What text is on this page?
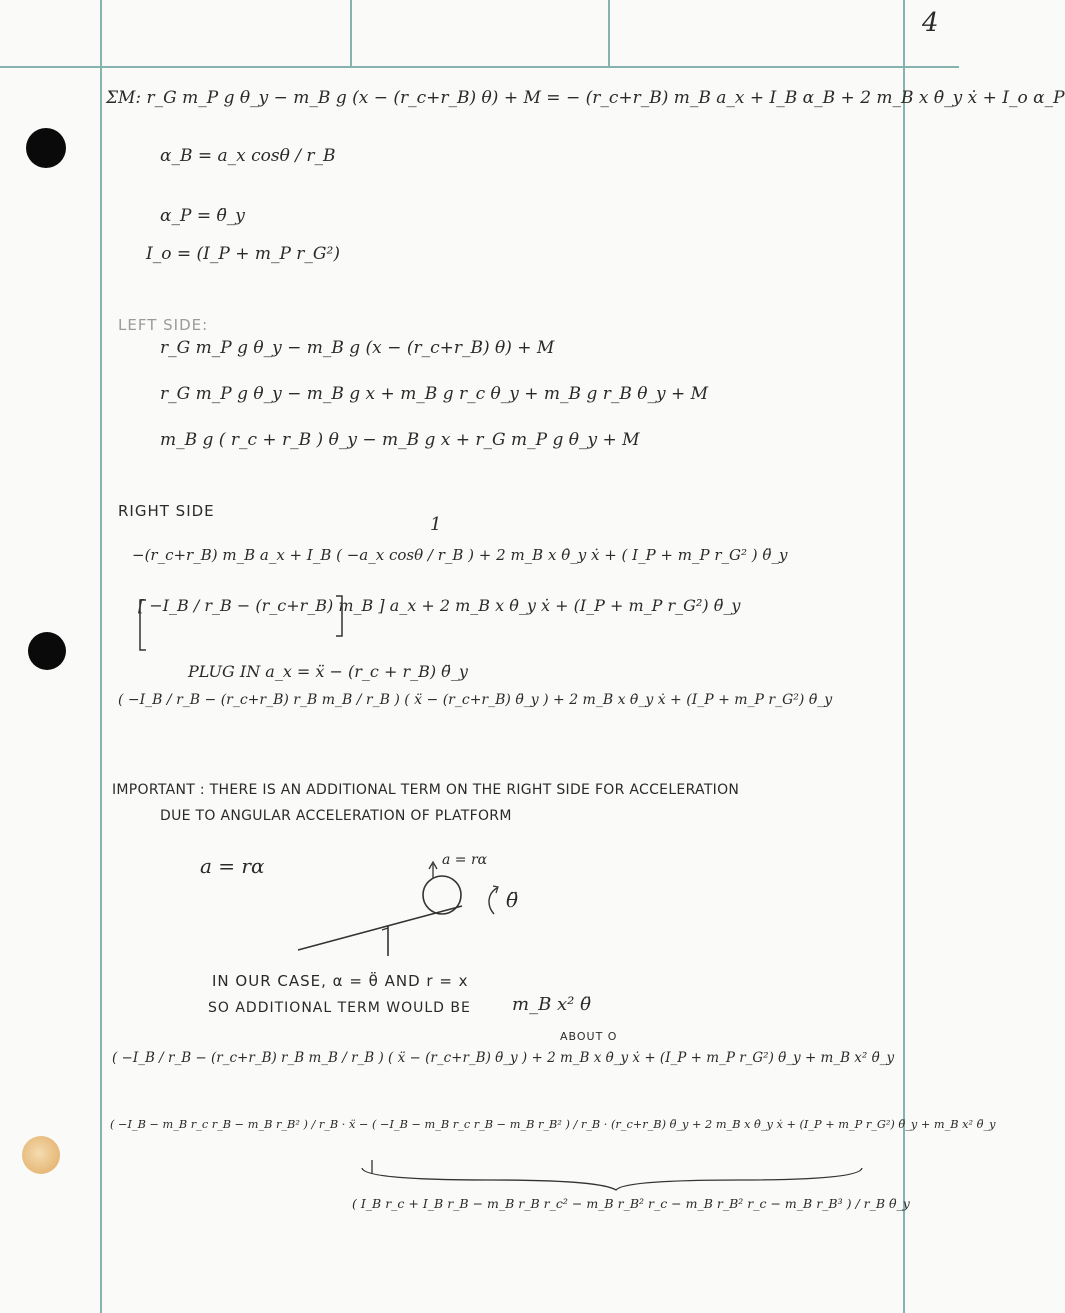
4
ΣM: r_G m_P g θ_y − m_B g (x − (r_c+r_B) θ) + M = − (r_c+r_B) m_B a_x + I_B α_B + 2 m_B x θ̇_y ẋ + I_o α_P
α_B = a_x cosθ / r_B
α_P = θ̈_y
I_o = (I_P + m_P r_G²)
LEFT SIDE:
r_G m_P g θ_y − m_B g (x − (r_c+r_B) θ) + M
r_G m_P g θ_y − m_B g x + m_B g r_c θ_y + m_B g r_B θ_y + M
m_B g ( r_c + r_B ) θ_y − m_B g x + r_G m_P g θ_y + M
RIGHT SIDE
1
−(r_c+r_B) m_B a_x + I_B ( −a_x cosθ / r_B ) + 2 m_B x θ̇_y ẋ + ( I_P + m_P r_G² ) θ̈_y
[ −I_B / r_B − (r_c+r_B) m_B ] a_x + 2 m_B x θ̇_y ẋ + (I_P + m_P r_G²) θ̈_y
PLUG IN a_x = ẍ − (r_c + r_B) θ̈_y
( −I_B / r_B − (r_c+r_B) r_B m_B / r_B ) ( ẍ − (r_c+r_B) θ̈_y ) + 2 m_B x θ̇_y ẋ + (I_P + m_P r_G²) θ̈_y
IMPORTANT : THERE IS AN ADDITIONAL TERM ON THE RIGHT SIDE FOR ACCELERATION
DUE TO ANGULAR ACCELERATION OF PLATFORM
a = rα	a = rα
θ̈
IN OUR CASE, α = θ̈ AND r = x
SO ADDITIONAL TERM WOULD BE m_B x² θ̈
ABOUT O
( −I_B / r_B − (r_c+r_B) r_B m_B / r_B ) ( ẍ − (r_c+r_B) θ̈_y ) + 2 m_B x θ̇_y ẋ + (I_P + m_P r_G²) θ̈_y + m_B x² θ̈_y
( −I_B − m_B r_c r_B − m_B r_B² ) / r_B · ẍ − ( −I_B − m_B r_c r_B − m_B r_B² ) / r_B · (r_c+r_B) θ̈_y + 2 m_B x θ̇_y ẋ + (I_P + m_P r_G²) θ̈_y + m_B x² θ̈_y
( I_B r_c + I_B r_B − m_B r_B r_c² − m_B r_B² r_c − m_B r_B² r_c − m_B r_B³ ) / r_B θ̈_y
